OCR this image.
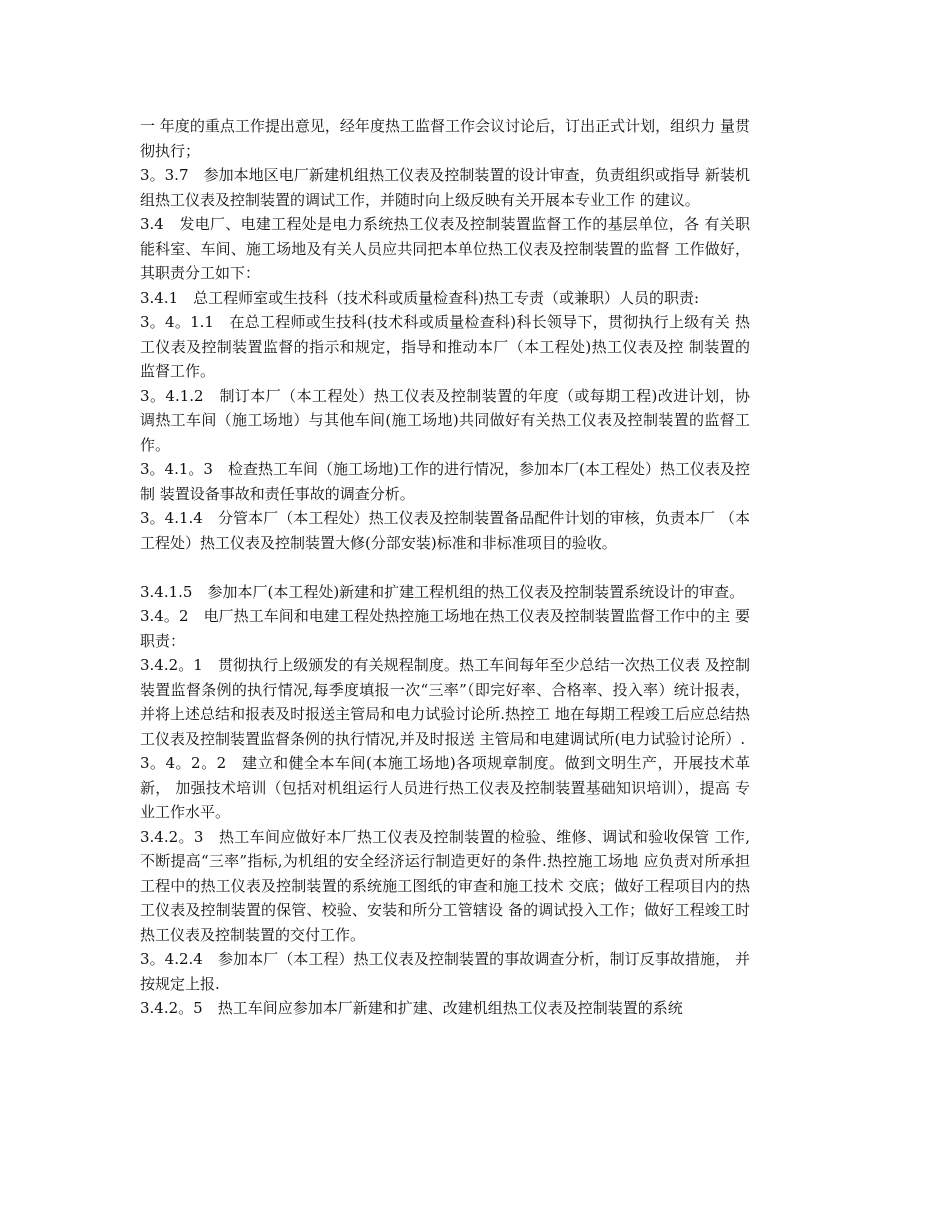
一 年度的重点工作提出意见，经年度热工监督工作会议讨论后，订出正式计划，组织力 量贯彻执行；

3。3.7　参加本地区电厂新建机组热工仪表及控制装置的设计审查，负责组织或指导 新装机组热工仪表及控制装置的调试工作，并随时向上级反映有关开展本专业工作 的建议。

3.4　发电厂、电建工程处是电力系统热工仪表及控制装置监督工作的基层单位，各 有关职能科室、车间、施工场地及有关人员应共同把本单位热工仪表及控制装置的监督 工作做好，其职责分工如下：

3.4.1　总工程师室或生技科（技术科或质量检查科)热工专责（或兼职）人员的职责:

3。4。1.1　在总工程师或生技科(技术科或质量检查科)科长领导下，贯彻执行上级有关 热工仪表及控制装置监督的指示和规定，指导和推动本厂（本工程处)热工仪表及控 制装置的监督工作。

3。4.1.2　制订本厂（本工程处）热工仪表及控制装置的年度（或每期工程)改进计划，协 调热工车间（施工场地）与其他车间(施工场地)共同做好有关热工仪表及控制装置的监督工作。

3。4.1。3　检查热工车间（施工场地)工作的进行情况，参加本厂(本工程处）热工仪表及控制 装置设备事故和责任事故的调查分析。

3。4.1.4　分管本厂（本工程处）热工仪表及控制装置备品配件计划的审核，负责本厂 （本工程处）热工仪表及控制装置大修(分部安装)标准和非标准项目的验收。

3.4.1.5　参加本厂(本工程处)新建和扩建工程机组的热工仪表及控制装置系统设计的审查。

3.4。2　电厂热工车间和电建工程处热控施工场地在热工仪表及控制装置监督工作中的主 要职责：

3.4.2。1　贯彻执行上级颁发的有关规程制度。热工车间每年至少总结一次热工仪表 及控制装置监督条例的执行情况,每季度填报一次“三率”（即完好率、合格率、投入率）统计报表，并将上述总结和报表及时报送主管局和电力试验讨论所.热控工 地在每期工程竣工后应总结热工仪表及控制装置监督条例的执行情况,并及时报送 主管局和电建调试所(电力试验讨论所）.

3。4。2。2　建立和健全本车间(本施工场地)各项规章制度。做到文明生产，开展技术革新， 加强技术培训（包括对机组运行人员进行热工仪表及控制装置基础知识培训），提高 专业工作水平。

3.4.2。3　热工车间应做好本厂热工仪表及控制装置的检验、维修、调试和验收保管 工作,不断提高“三率”指标,为机组的安全经济运行制造更好的条件.热控施工场地 应负责对所承担工程中的热工仪表及控制装置的系统施工图纸的审查和施工技术 交底；做好工程项目内的热工仪表及控制装置的保管、校验、安装和所分工管辖设 备的调试投入工作；做好工程竣工时热工仪表及控制装置的交付工作。

3。4.2.4　参加本厂（本工程）热工仪表及控制装置的事故调查分析，制订反事故措施， 并按规定上报.

3.4.2。5　热工车间应参加本厂新建和扩建、改建机组热工仪表及控制装置的系统
